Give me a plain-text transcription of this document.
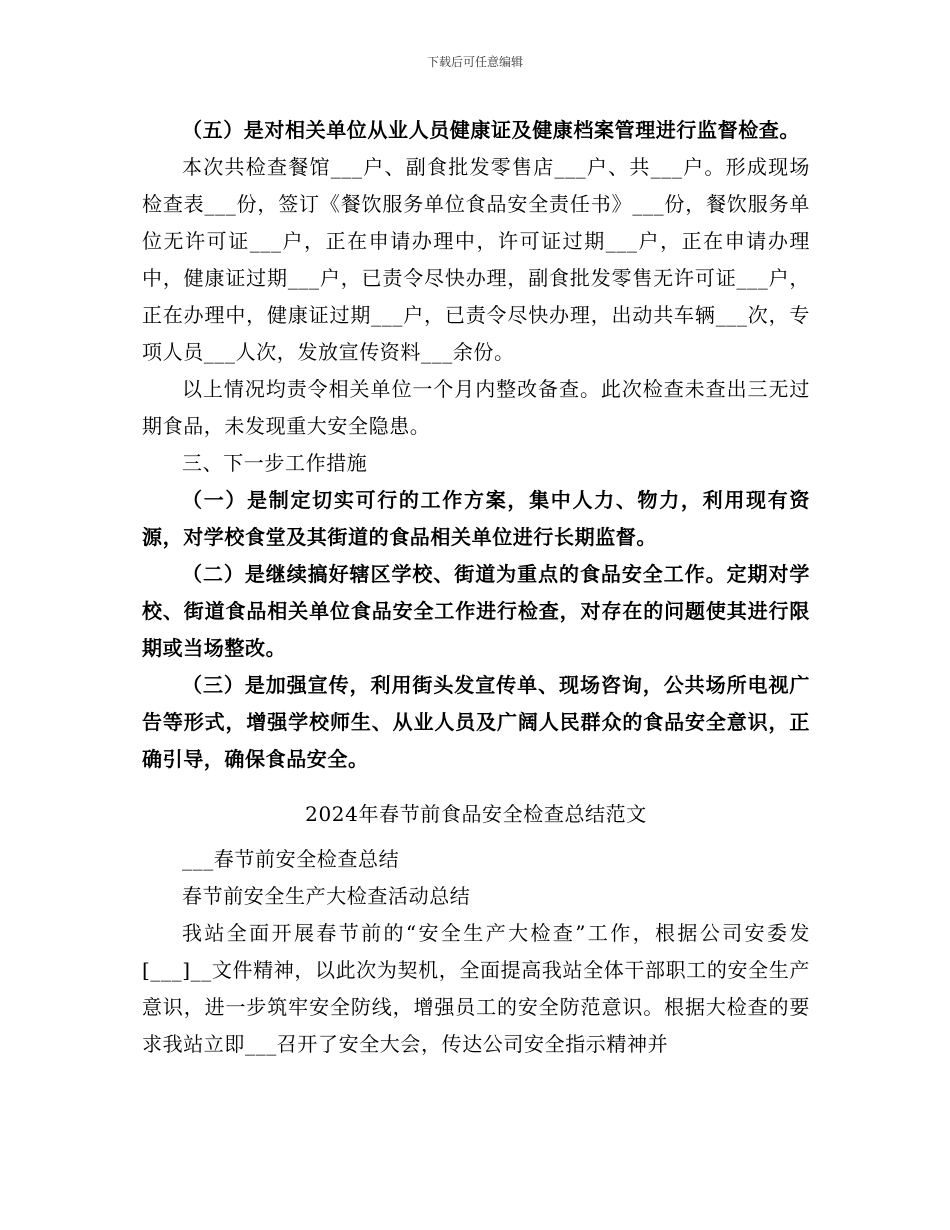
下载后可任意编辑

（五）是对相关单位从业人员健康证及健康档案管理进行监督检查。

本次共检查餐馆___户、副食批发零售店___户、共___户。形成现场检查表___份，签订《餐饮服务单位食品安全责任书》___份，餐饮服务单位无许可证___户，正在申请办理中，许可证过期___户，正在申请办理中，健康证过期___户，已责令尽快办理，副食批发零售无许可证___户，正在办理中，健康证过期___户，已责令尽快办理，出动共车辆___次，专项人员___人次，发放宣传资料___余份。

以上情况均责令相关单位一个月内整改备查。此次检查未查出三无过期食品，未发现重大安全隐患。

三、下一步工作措施

（一）是制定切实可行的工作方案，集中人力、物力，利用现有资源，对学校食堂及其街道的食品相关单位进行长期监督。

（二）是继续搞好辖区学校、街道为重点的食品安全工作。定期对学校、街道食品相关单位食品安全工作进行检查，对存在的问题使其进行限期或当场整改。

（三）是加强宣传，利用街头发宣传单、现场咨询，公共场所电视广告等形式，增强学校师生、从业人员及广阔人民群众的食品安全意识，正确引导，确保食品安全。

2024年春节前食品安全检查总结范文

___春节前安全检查总结

春节前安全生产大检查活动总结

我站全面开展春节前的“安全生产大检查”工作，根据公司安委发[___]__文件精神，以此次为契机，全面提高我站全体干部职工的安全生产意识，进一步筑牢安全防线，增强员工的安全防范意识。根据大检查的要求我站立即___召开了安全大会，传达公司安全指示精神并
